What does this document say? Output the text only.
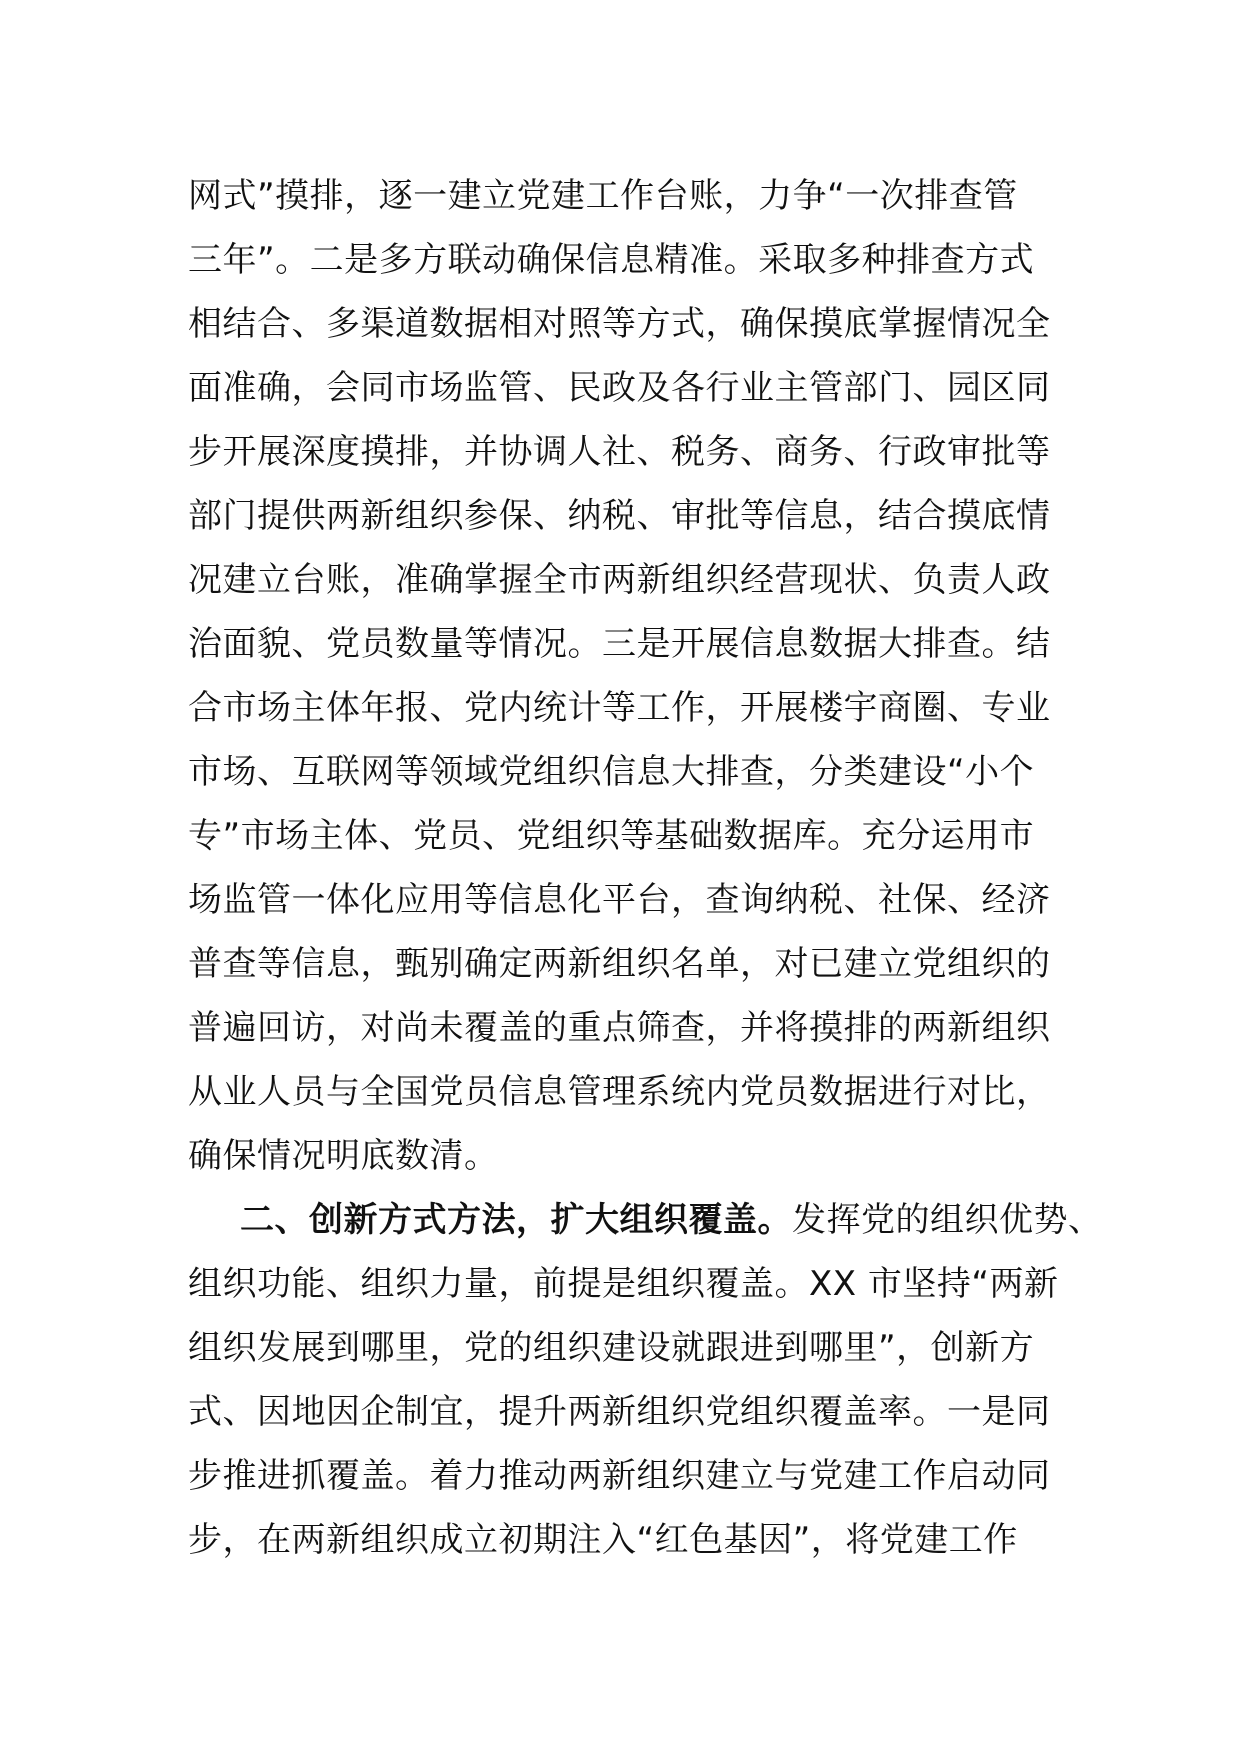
网式”摸排，逐一建立党建工作台账，力争“一次排查管
三年”。二是多方联动确保信息精准。采取多种排查方式
相结合、多渠道数据相对照等方式，确保摸底掌握情况全
面准确，会同市场监管、民政及各行业主管部门、园区同
步开展深度摸排，并协调人社、税务、商务、行政审批等
部门提供两新组织参保、纳税、审批等信息，结合摸底情
况建立台账，准确掌握全市两新组织经营现状、负责人政
治面貌、党员数量等情况。三是开展信息数据大排查。结
合市场主体年报、党内统计等工作，开展楼宇商圈、专业
市场、互联网等领域党组织信息大排查，分类建设“小个
专”市场主体、党员、党组织等基础数据库。充分运用市
场监管一体化应用等信息化平台，查询纳税、社保、经济
普查等信息，甄别确定两新组织名单，对已建立党组织的
普遍回访，对尚未覆盖的重点筛查，并将摸排的两新组织
从业人员与全国党员信息管理系统内党员数据进行对比，
确保情况明底数清。
二、创新方式方法，扩大组织覆盖。发挥党的组织优势、
组织功能、组织力量，前提是组织覆盖。XX 市坚持“两新
组织发展到哪里，党的组织建设就跟进到哪里”，创新方
式、因地因企制宜，提升两新组织党组织覆盖率。一是同
步推进抓覆盖。着力推动两新组织建立与党建工作启动同
步，在两新组织成立初期注入“红色基因”，将党建工作
